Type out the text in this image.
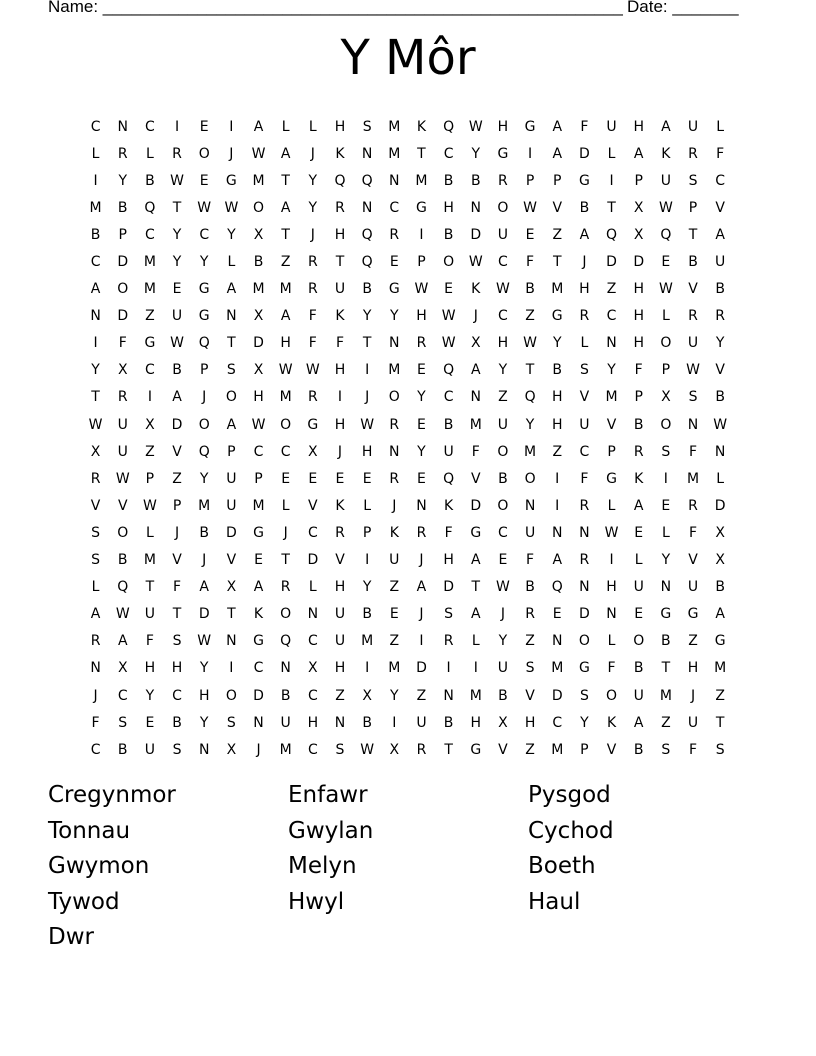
Name: _______________________________________________________ Date: _______
Y Môr
C	N	C	I	E	I	A	L	L	H	S	M	K	Q	W	H	G	A	F	U	H	A	U	L
L	R	L	R	O	J	W	A	J	K	N	M	T	C	Y	G	I	A	D	L	A	K	R	F
I	Y	B	W	E	G	M	T	Y	Q	Q	N	M	B	B	R	P	P	G	I	P	U	S	C
M	B	Q	T	W W	O	A	Y	R	N	C	G	H	N	O	W	V	B	T	X	W	P	V
B	P	C	Y	C	Y	X	T	J	H	Q	R	I	B	D	U	E	Z	A	Q	X	Q	T	A
C	D	M	Y	Y	L	B	Z	R	T	Q	E	P	O	W	C	F	T	J	D	D	E	B	U
A	O	M	E	G	A	M	M	R	U	B	G	W	E	K	W	B	M	H	Z	H	W	V	B
N	D	Z	U	G	N	X	A	F	K	Y	Y	H	W	J	C	Z	G	R	C	H	L	R	R
I	F	G	W	Q	T	D	H	F	F	T	N	R	W	X	H	W	Y	L	N	H	O	U	Y
Y	X	C	B	P	S	X	W W	H	I	M	E	Q	A	Y	T	B	S	Y	F	P	W	V
T	R	I	A	J	O	H	M	R	I	J	O	Y	C	N	Z	Q	H	V	M	P	X	S	B
W	U	X	D	O	A	W	O	G	H	W	R	E	B	M	U	Y	H	U	V	B	O	N	W
X	U	Z	V	Q	P	C	C	X	J	H	N	Y	U	F	O	M	Z	C	P	R	S	F	N
R	W	P	Z	Y	U	P	E	E	E	E	R	E	Q	V	B	O	I	F	G	K	I	M	L
V	V	W	P	M	U	M	L	V	K	L	J	N	K	D	O	N	I	R	L	A	E	R	D
S	O	L	J	B	D	G	J	C	R	P	K	R	F	G	C	U	N	N	W	E	L	F	X
S	B	M	V	J	V	E	T	D	V	I	U	J	H	A	E	F	A	R	I	L	Y	V	X
L	Q	T	F	A	X	A	R	L	H	Y	Z	A	D	T	W	B	Q	N	H	U	N	U	B
A	W	U	T	D	T	K	O	N	U	B	E	J	S	A	J	R	E	D	N	E	G	G	A
R	A	F	S	W	N	G	Q	C	U	M	Z	I	R	L	Y	Z	N	O	L	O	B	Z	G
N	X	H	H	Y	I	C	N	X	H	I	M	D	I	I	U	S	M	G	F	B	T	H	M
J	C	Y	C	H	O	D	B	C	Z	X	Y	Z	N	M	B	V	D	S	O	U	M	J	Z
F	S	E	B	Y	S	N	U	H	N	B	I	U	B	H	X	H	C	Y	K	A	Z	U	T
C	B	U	S	N	X	J	M	C	S	W	X	R	T	G	V	Z	M	P	V	B	S	F	S
Cregynmor	Enfawr	Pysgod
Tonnau	Gwylan	Cychod
Gwymon	Melyn	Boeth
Tywod	Hwyl	Haul
Dwr
